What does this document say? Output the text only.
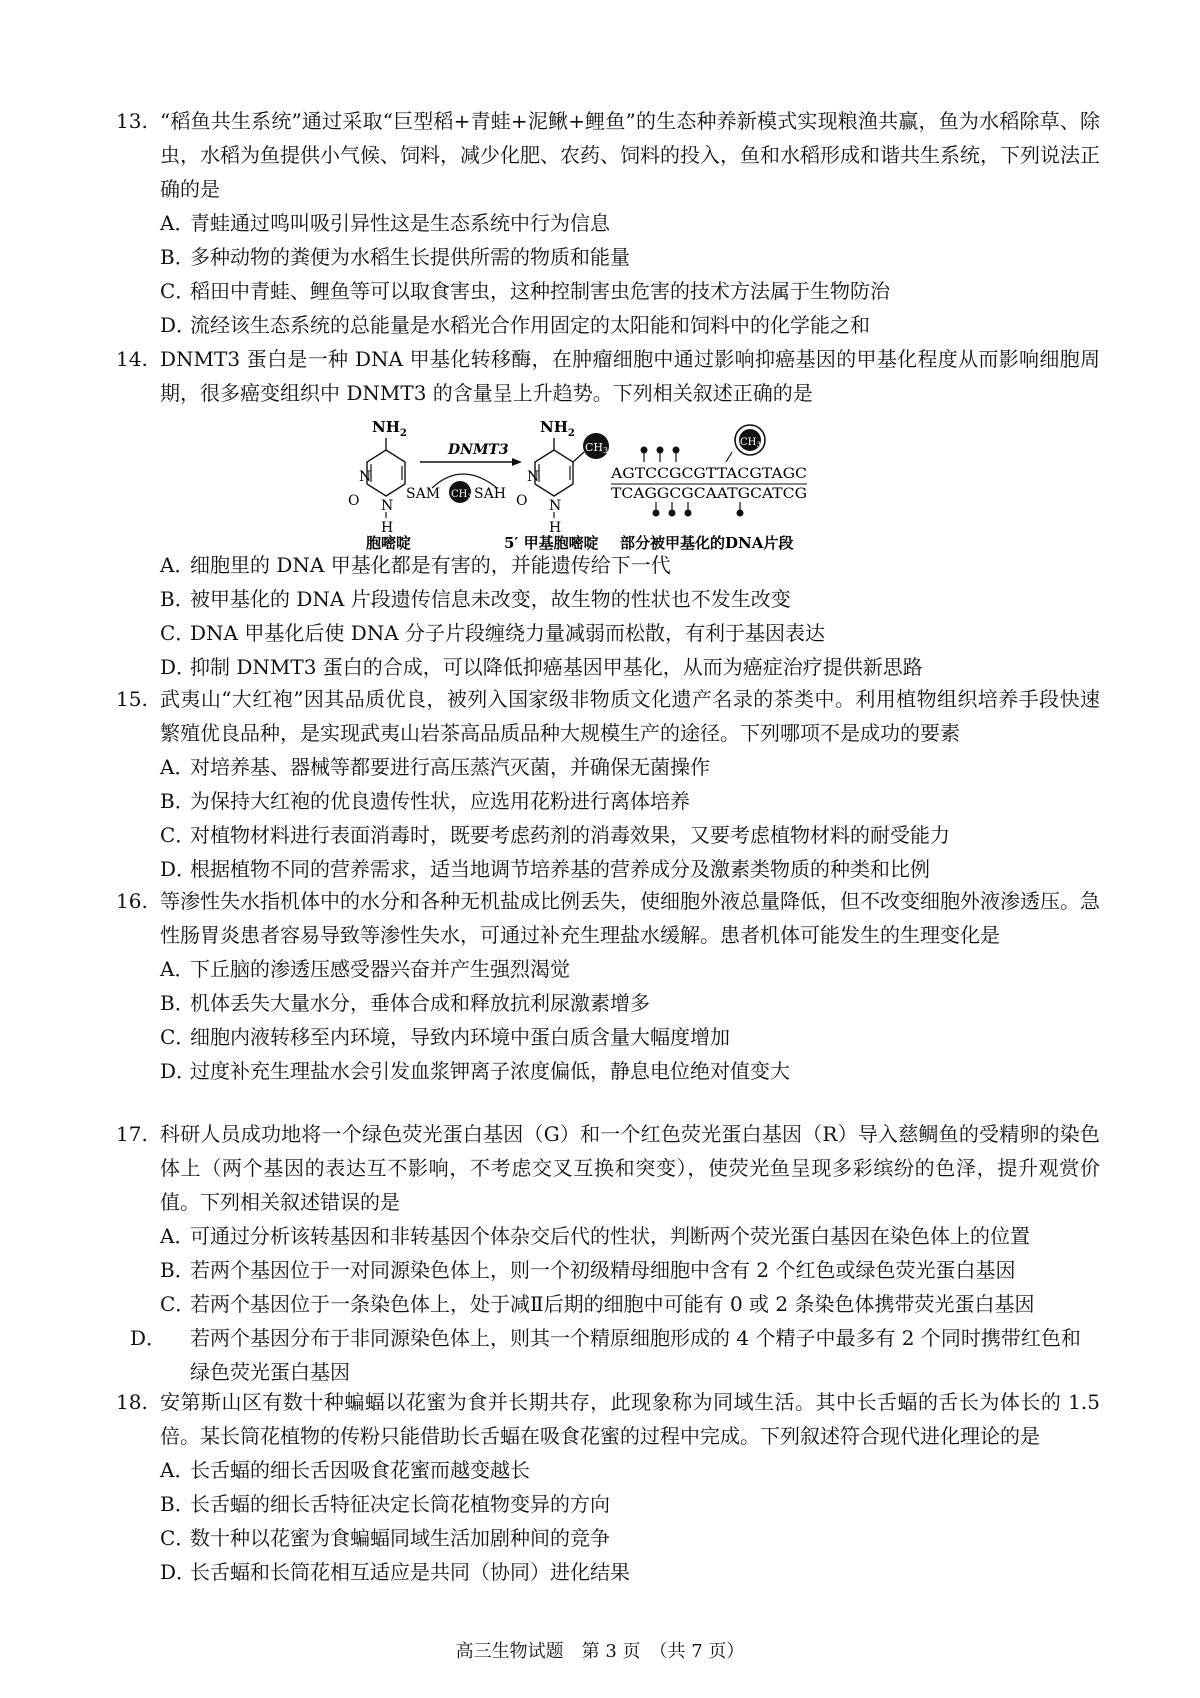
13. “稻鱼共生系统”通过采取“巨型稻+青蛙+泥鳅+鲤鱼”的生态种养新模式实现粮渔共赢，鱼为水稻除草、除虫，水稻为鱼提供小气候、饲料，减少化肥、农药、饲料的投入，鱼和水稻形成和谐共生系统，下列说法正确的是
A．青蛙通过鸣叫吸引异性这是生态系统中行为信息
B．多种动物的粪便为水稻生长提供所需的物质和能量
C．稻田中青蛙、鲤鱼等可以取食害虫，这种控制害虫危害的技术方法属于生物防治
D．流经该生态系统的总能量是水稻光合作用固定的太阳能和饲料中的化学能之和
14. DNMT3 蛋白是一种 DNA 甲基化转移酶，在肿瘤细胞中通过影响抑癌基因的甲基化程度从而影响细胞周期，很多癌变组织中 DNMT3 的含量呈上升趋势。下列相关叙述正确的是
$NH_2$
N
O N
H
胞嘧啶
DNMT3
SAM $CH_3$ SAH
$NH_2$
CH3
N
O N
H
5′ 甲基胞嘧啶
$CH_3$
AGTCCGCGTTACGTAGC
TCAGGCGCAATGCATCG
部分被甲基化的DNA片段
A．细胞里的 DNA 甲基化都是有害的，并能遗传给下一代
B．被甲基化的 DNA 片段遗传信息未改变，故生物的性状也不发生改变
C．DNA 甲基化后使 DNA 分子片段缠绕力量减弱而松散，有利于基因表达
D．抑制 DNMT3 蛋白的合成，可以降低抑癌基因甲基化，从而为癌症治疗提供新思路
15. 武夷山“大红袍”因其品质优良，被列入国家级非物质文化遗产名录的茶类中。利用植物组织培养手段快速繁殖优良品种，是实现武夷山岩茶高品质品种大规模生产的途径。下列哪项不是成功的要素
A．对培养基、器械等都要进行高压蒸汽灭菌，并确保无菌操作
B．为保持大红袍的优良遗传性状，应选用花粉进行离体培养
C．对植物材料进行表面消毒时，既要考虑药剂的消毒效果，又要考虑植物材料的耐受能力
D．根据植物不同的营养需求，适当地调节培养基的营养成分及激素类物质的种类和比例
16. 等渗性失水指机体中的水分和各种无机盐成比例丢失，使细胞外液总量降低，但不改变细胞外液渗透压。急性肠胃炎患者容易导致等渗性失水，可通过补充生理盐水缓解。患者机体可能发生的生理变化是
A．下丘脑的渗透压感受器兴奋并产生强烈渴觉
B．机体丢失大量水分，垂体合成和释放抗利尿激素增多
C．细胞内液转移至内环境，导致内环境中蛋白质含量大幅度增加
D．过度补充生理盐水会引发血浆钾离子浓度偏低，静息电位绝对值变大
17. 科研人员成功地将一个绿色荧光蛋白基因（G）和一个红色荧光蛋白基因（R）导入慈鲷鱼的受精卵的染色体上（两个基因的表达互不影响，不考虑交叉互换和突变），使荧光鱼呈现多彩缤纷的色泽，提升观赏价值。下列相关叙述错误的是
A．可通过分析该转基因和非转基因个体杂交后代的性状，判断两个荧光蛋白基因在染色体上的位置
B．若两个基因位于一对同源染色体上，则一个初级精母细胞中含有 2 个红色或绿色荧光蛋白基因
C．若两个基因位于一条染色体上，处于减Ⅱ后期的细胞中可能有 0 或 2 条染色体携带荧光蛋白基因
D． 若两个基因分布于非同源染色体上，则其一个精原细胞形成的 4 个精子中最多有 2 个同时携带红色和绿色荧光蛋白基因
18. 安第斯山区有数十种蝙蝠以花蜜为食并长期共存，此现象称为同域生活。其中长舌蝠的舌长为体长的 1.5 倍。某长筒花植物的传粉只能借助长舌蝠在吸食花蜜的过程中完成。下列叙述符合现代进化理论的是
A．长舌蝠的细长舌因吸食花蜜而越变越长
B．长舌蝠的细长舌特征决定长筒花植物变异的方向
C．数十种以花蜜为食蝙蝠同域生活加剧种间的竞争
D．长舌蝠和长筒花相互适应是共同（协同）进化结果
高三生物试题　第 3 页　（共 7 页）
